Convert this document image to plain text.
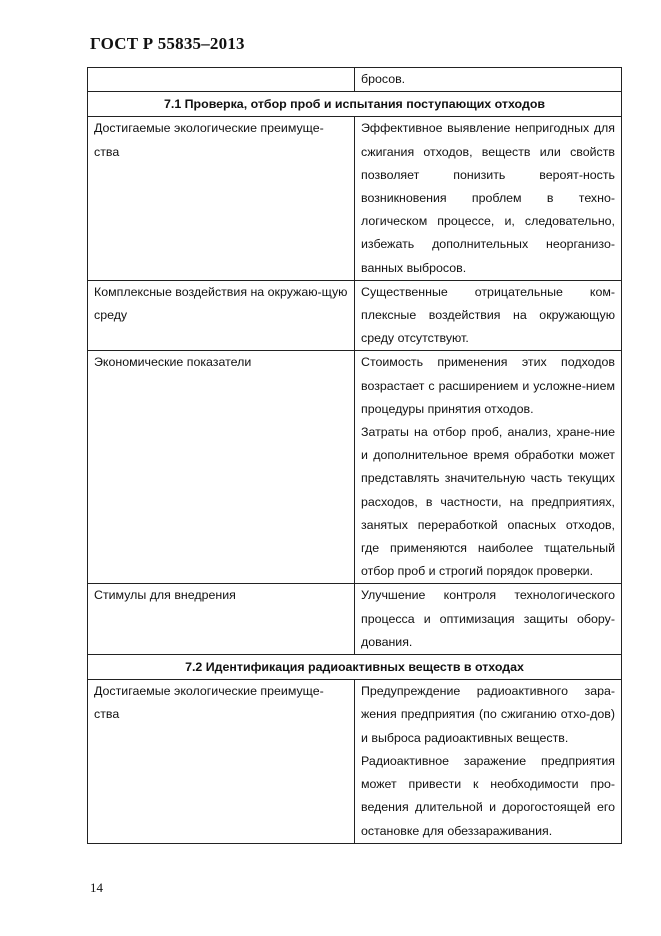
ГОСТ Р 55835–2013
	бросов.
7.1 Проверка, отбор проб и испытания поступающих отходов	
Достигаемые экологические преимуще-ства	Эффективное выявление непригодных для сжигания отходов, веществ или свойств позволяет понизить вероят-ность возникновения проблем в техно-логическом процессе, и, следовательно, избежать дополнительных неорганизо-ванных выбросов.

Комплексные воздействия на окружаю-щую среду	Существенные отрицательные ком-плексные воздействия на окружающую среду отсутствуют.

Экономические показатели	Стоимость применения этих подходов возрастает с расширением и усложне-нием процедуры принятия отходов.
Затраты на отбор проб, анализ, хране-ние и дополнительное время обработки может представлять значительную часть текущих расходов, в частности, на предприятиях, занятых переработкой опасных отходов, где применяются наиболее тщательный отбор проб и строгий порядок проверки.

Стимулы для внедрения	Улучшение контроля технологического процесса и оптимизация защиты обору-дования.

7.2 Идентификация радиоактивных веществ в отходах	
Достигаемые экологические преимуще-ства	Предупреждение радиоактивного зара-жения предприятия (по сжиганию отхо-дов) и выброса радиоактивных веществ.
Радиоактивное заражение предприятия может привести к необходимости про-ведения длительной и дорогостоящей его остановке для обеззараживания.
14
